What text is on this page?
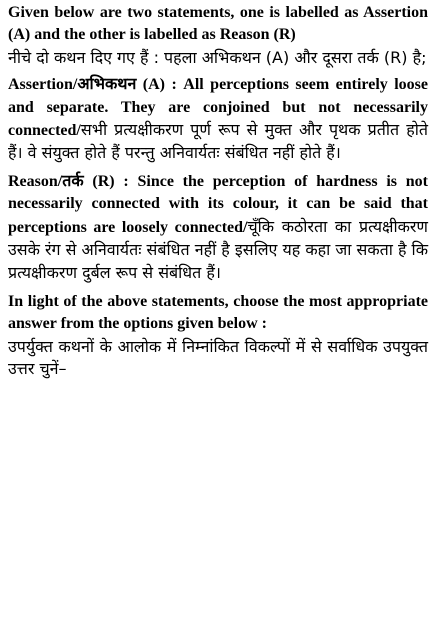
Given below are two statements, one is labelled as Assertion (A) and the other is labelled as Reason (R)

नीचे दो कथन दिए गए हैं : पहला अभिकथन (A) और दूसरा तर्क (R) है;

Assertion/अभिकथन (A) : All perceptions seem entirely loose and separate. They are conjoined but not necessarily connected/सभी प्रत्यक्षीकरण पूर्ण रूप से मुक्त और पृथक प्रतीत होते हैं। वे संयुक्त होते हैं परन्तु अनिवार्यतः संबंधित नहीं होते हैं।

Reason/तर्क (R) : Since the perception of hardness is not necessarily connected with its colour, it can be said that perceptions are loosely connected/चूँकि कठोरता का प्रत्यक्षीकरण उसके रंग से अनिवार्यतः संबंधित नहीं है इसलिए यह कहा जा सकता है कि प्रत्यक्षीकरण दुर्बल रूप से संबंधित हैं।

In light of the above statements, choose the most appropriate answer from the options given below :

उपर्युक्त कथनों के आलोक में निम्नांकित विकल्पों में से सर्वाधिक उपयुक्त उत्तर चुनें–
